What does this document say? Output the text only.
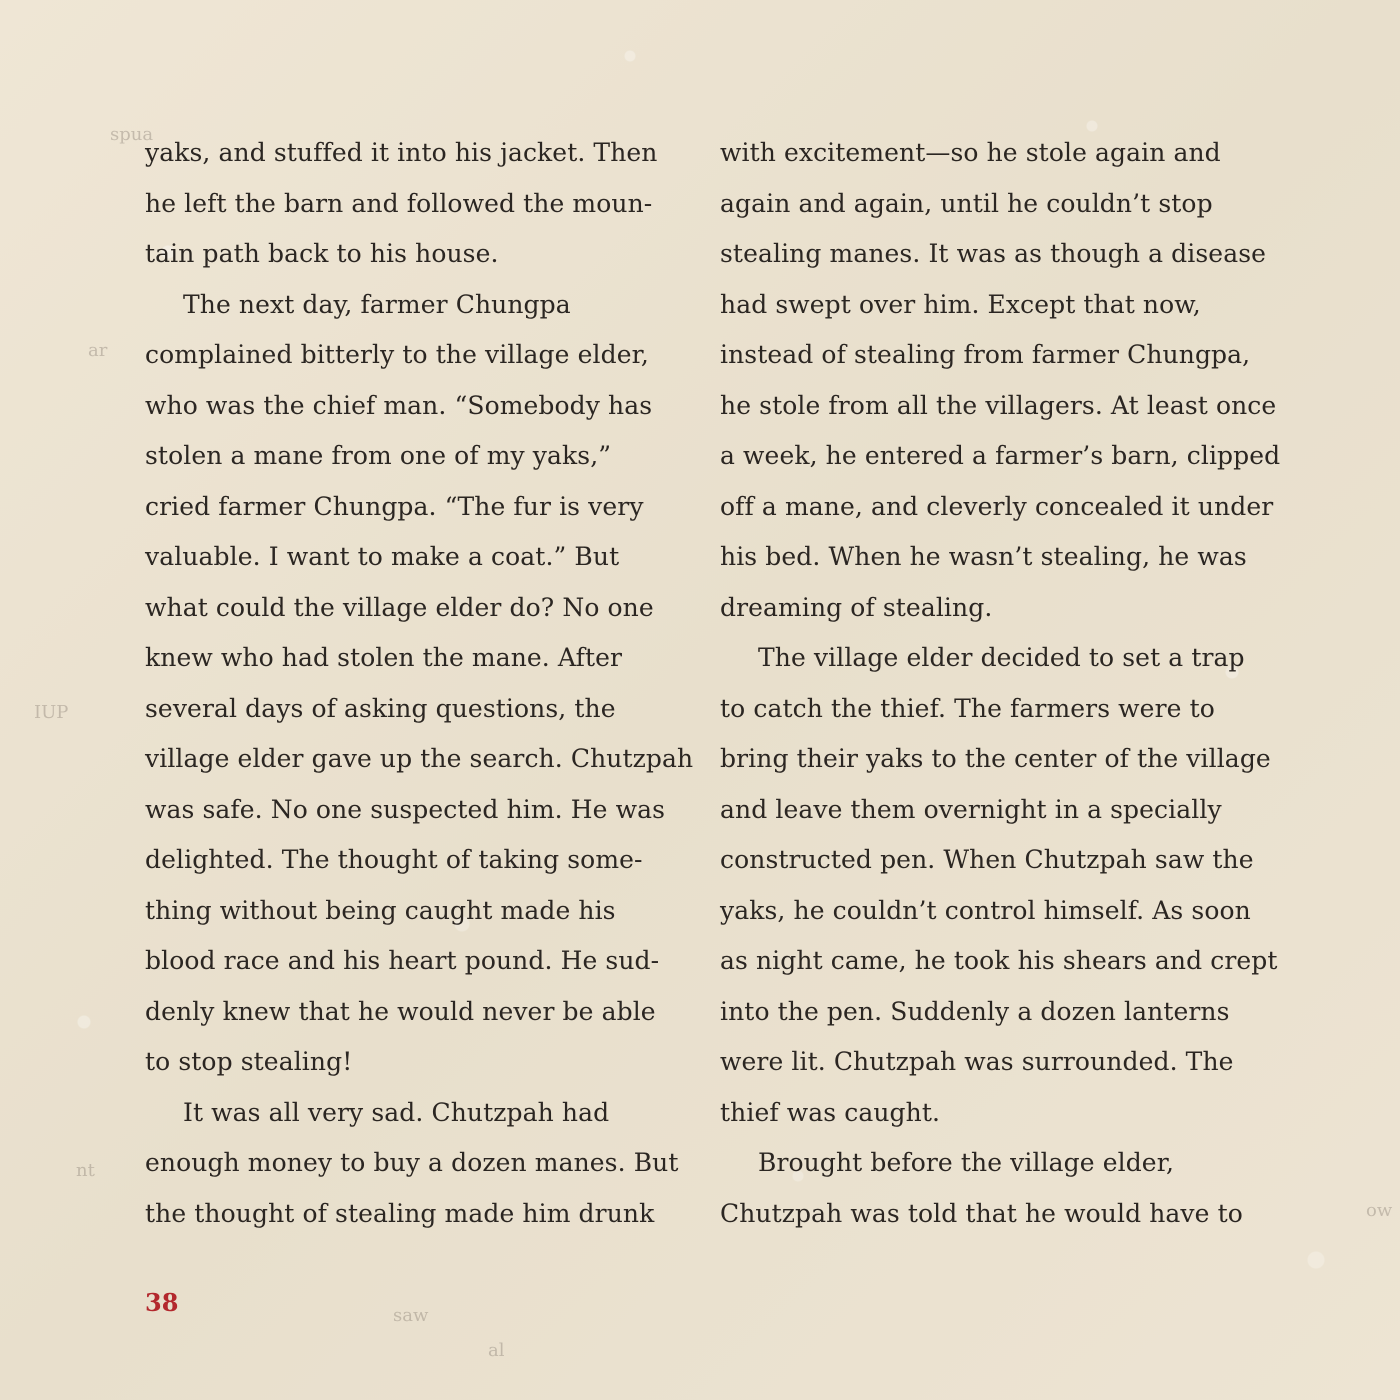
spua
ar
IUP
nt
saw
al
ow
yaks, and stuffed it into his jacket. Then
he left the barn and followed the moun-
tain path back to his house.
The next day, farmer Chungpa
complained bitterly to the village elder,
who was the chief man. “Somebody has
stolen a mane from one of my yaks,”
cried farmer Chungpa. “The fur is very
valuable. I want to make a coat.” But
what could the village elder do? No one
knew who had stolen the mane. After
several days of asking questions, the
village elder gave up the search. Chutzpah
was safe. No one suspected him. He was
delighted. The thought of taking some-
thing without being caught made his
blood race and his heart pound. He sud-
denly knew that he would never be able
to stop stealing!
It was all very sad. Chutzpah had
enough money to buy a dozen manes. But
the thought of stealing made him drunk
with excitement—so he stole again and
again and again, until he couldn’t stop
stealing manes. It was as though a disease
had swept over him. Except that now,
instead of stealing from farmer Chungpa,
he stole from all the villagers. At least once
a week, he entered a farmer’s barn, clipped
off a mane, and cleverly concealed it under
his bed. When he wasn’t stealing, he was
dreaming of stealing.
The village elder decided to set a trap
to catch the thief. The farmers were to
bring their yaks to the center of the village
and leave them overnight in a specially
constructed pen. When Chutzpah saw the
yaks, he couldn’t control himself. As soon
as night came, he took his shears and crept
into the pen. Suddenly a dozen lanterns
were lit. Chutzpah was surrounded. The
thief was caught.
Brought before the village elder,
Chutzpah was told that he would have to
38
